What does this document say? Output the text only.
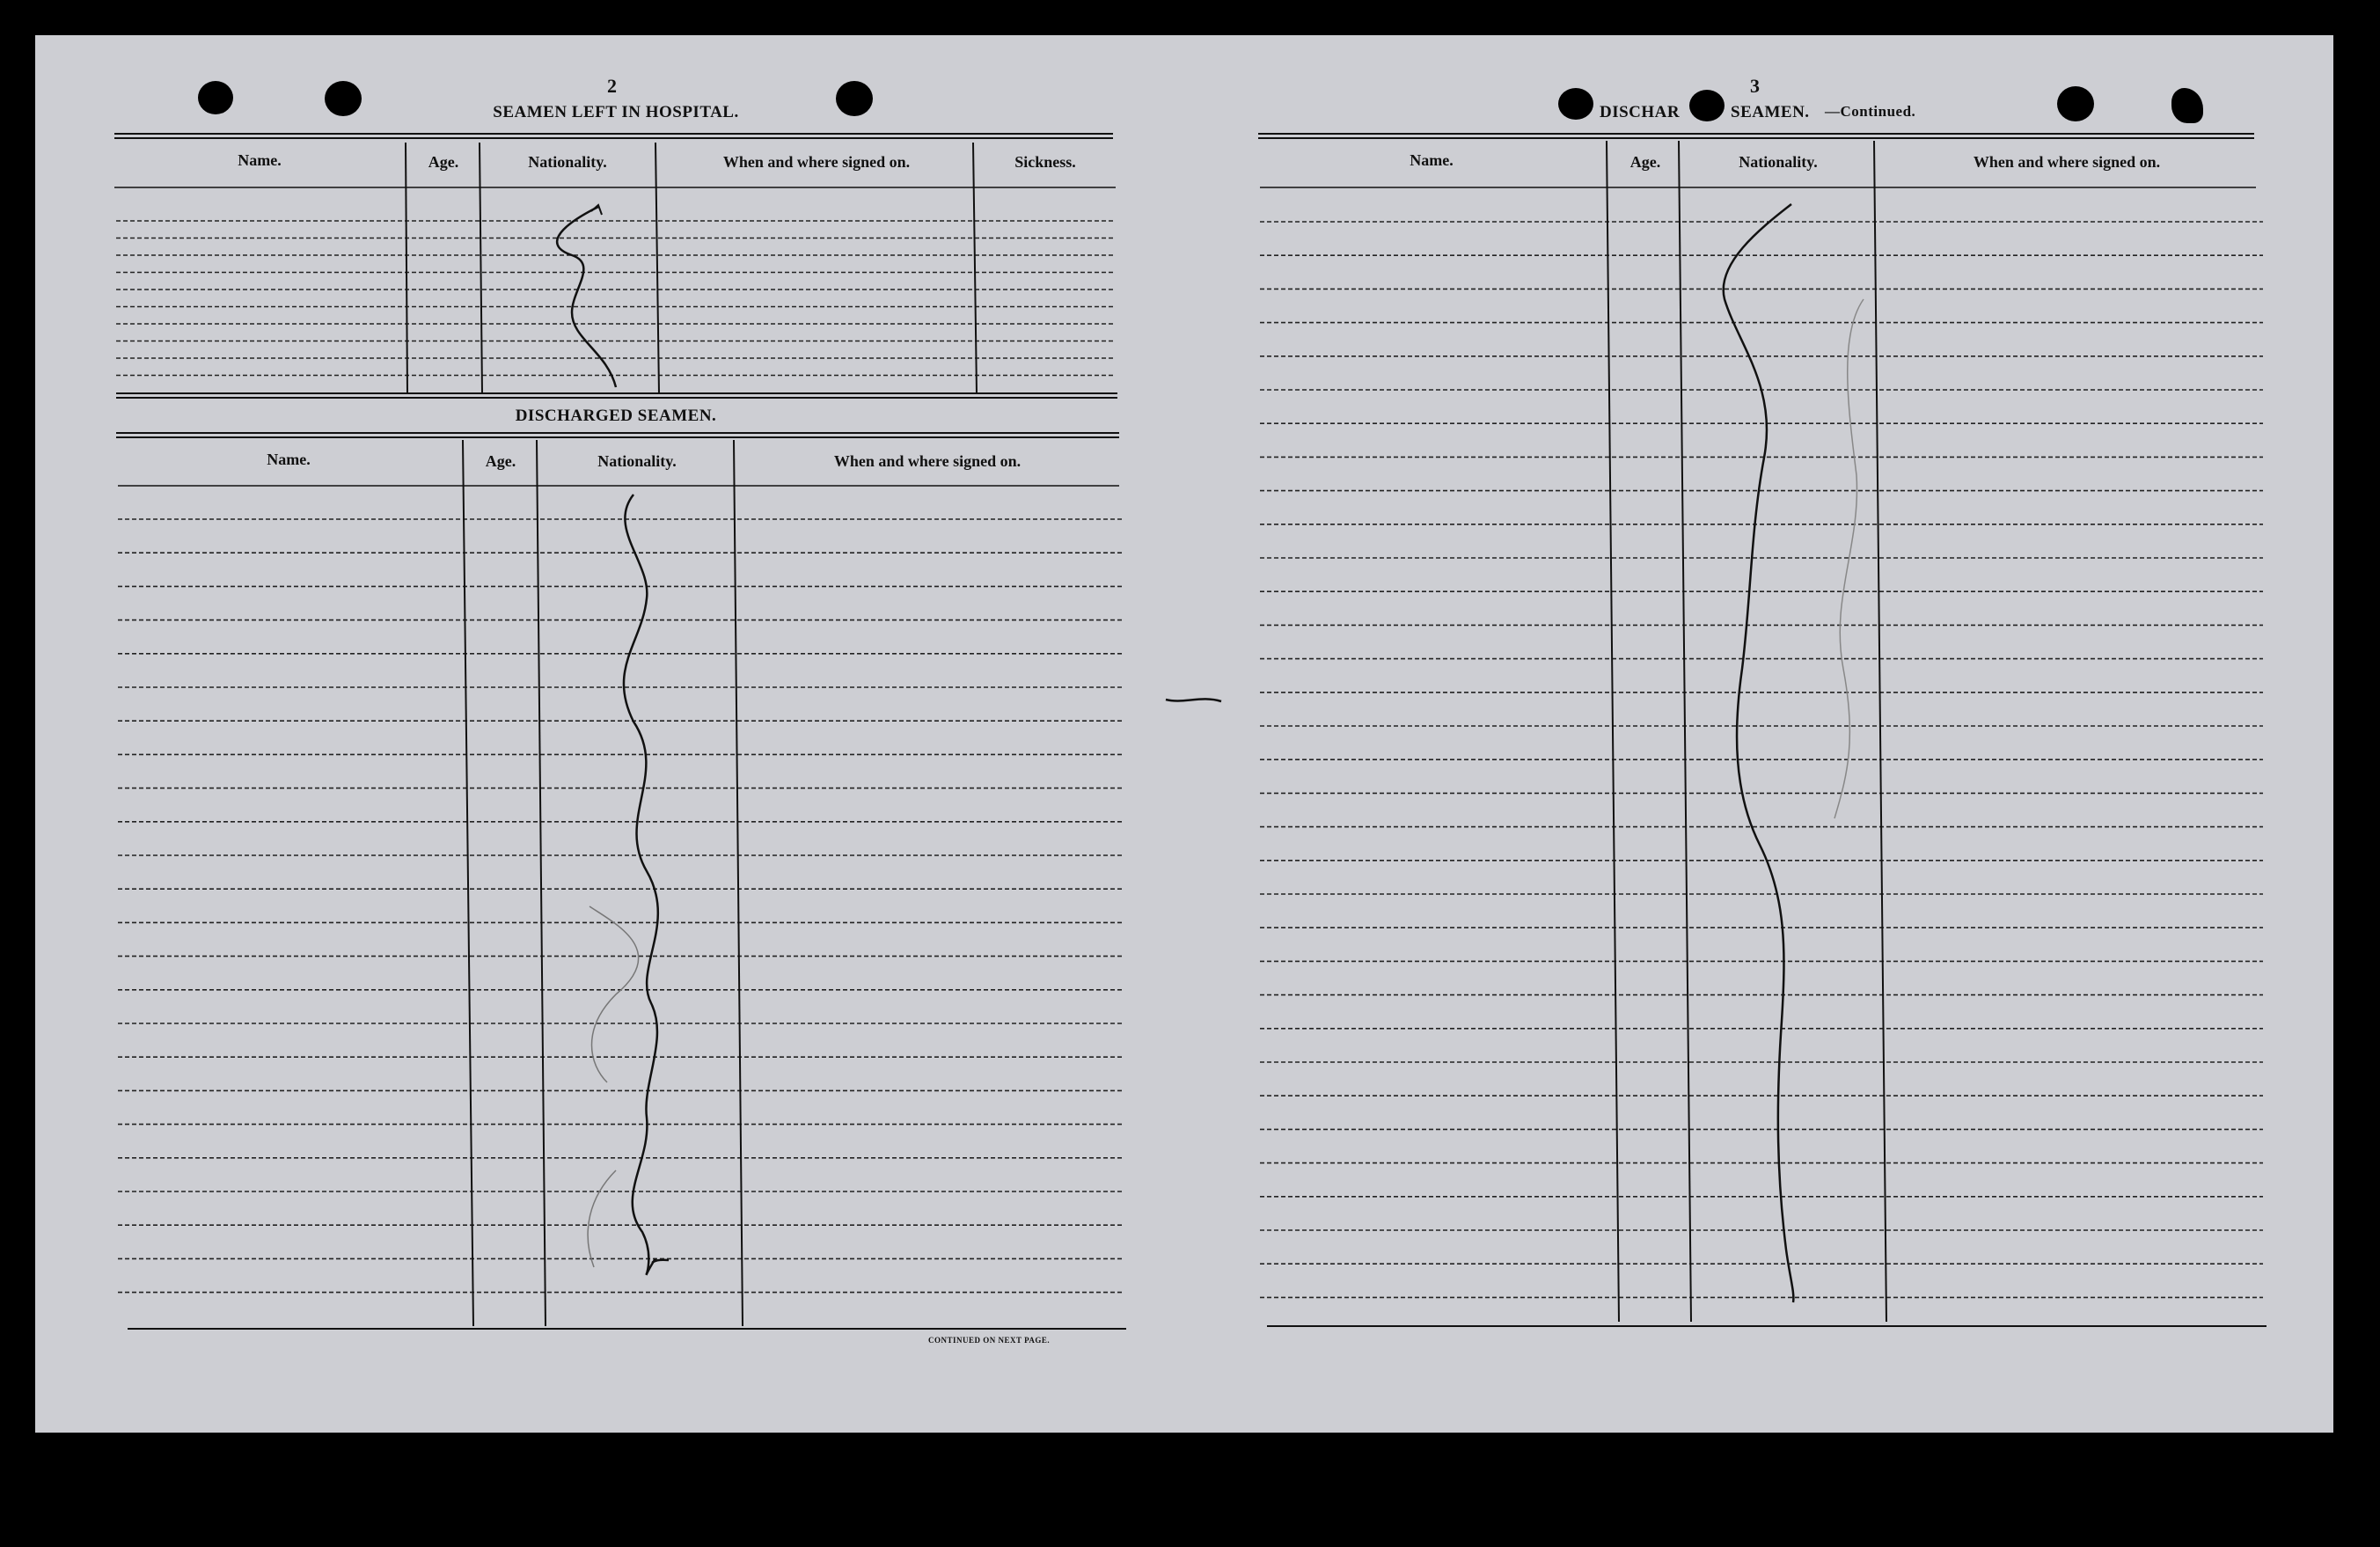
2
SEAMEN LEFT IN HOSPITAL.
Name.	Age.	Nationality.	When and where signed on.	Sickness.
DISCHARGED SEAMEN.
Name.	Age.	Nationality.	When and where signed on.
CONTINUED ON NEXT PAGE.
3
DISCHAR	SEAMEN. —Continued.
Name.	Age.	Nationality.	When and where signed on.
